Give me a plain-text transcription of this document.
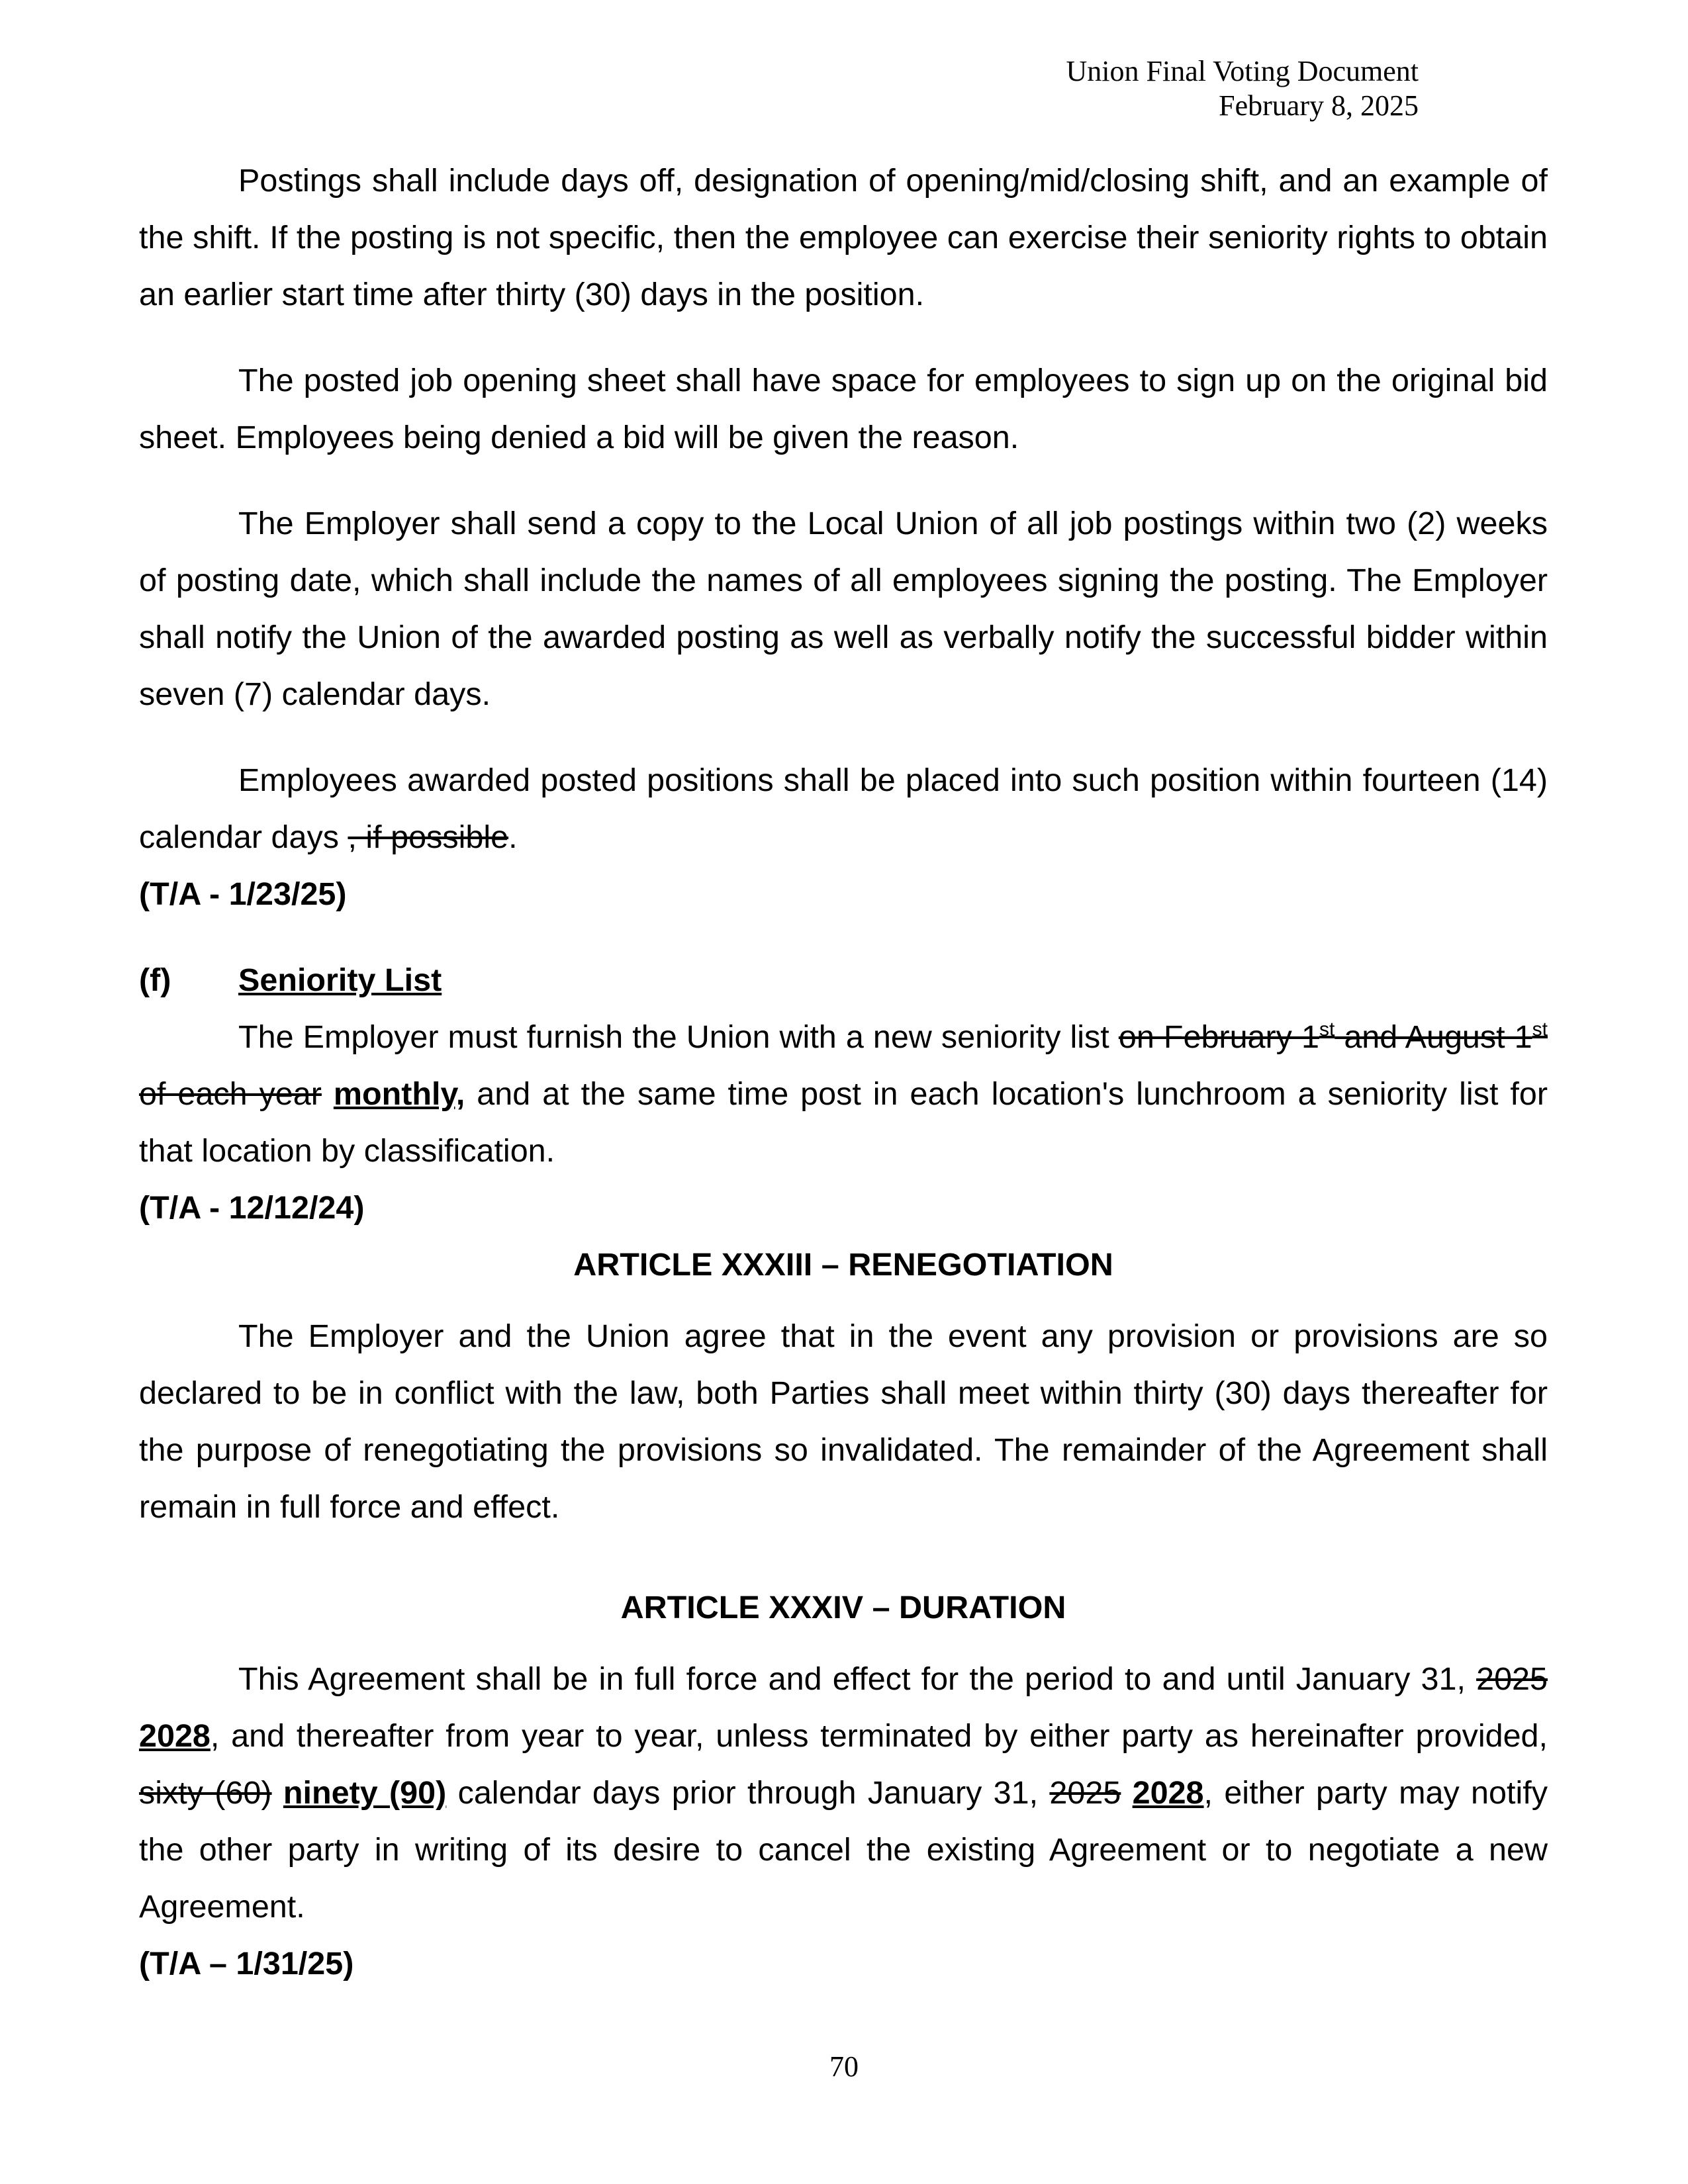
Union Final Voting Document
February 8, 2025

Postings shall include days off, designation of opening/mid/closing shift, and an example of the shift. If the posting is not specific, then the employee can exercise their seniority rights to obtain an earlier start time after thirty (30) days in the position.

The posted job opening sheet shall have space for employees to sign up on the original bid sheet. Employees being denied a bid will be given the reason.

The Employer shall send a copy to the Local Union of all job postings within two (2) weeks of posting date, which shall include the names of all employees signing the posting. The Employer shall notify the Union of the awarded posting as well as verbally notify the successful bidder within seven (7) calendar days.

Employees awarded posted positions shall be placed into such position within fourteen (14) calendar days , if possible.

(T/A - 1/23/25)

(f) Seniority List

The Employer must furnish the Union with a new seniority list on February 1st and August 1st of each year monthly, and at the same time post in each location's lunchroom a seniority list for that location by classification.

(T/A - 12/12/24)

ARTICLE XXXIII – RENEGOTIATION

The Employer and the Union agree that in the event any provision or provisions are so declared to be in conflict with the law, both Parties shall meet within thirty (30) days thereafter for the purpose of renegotiating the provisions so invalidated. The remainder of the Agreement shall remain in full force and effect.

ARTICLE XXXIV – DURATION

This Agreement shall be in full force and effect for the period to and until January 31, 2025 2028, and thereafter from year to year, unless terminated by either party as hereinafter provided, sixty (60) ninety (90) calendar days prior through January 31, 2025 2028, either party may notify the other party in writing of its desire to cancel the existing Agreement or to negotiate a new Agreement.

(T/A – 1/31/25)

70
